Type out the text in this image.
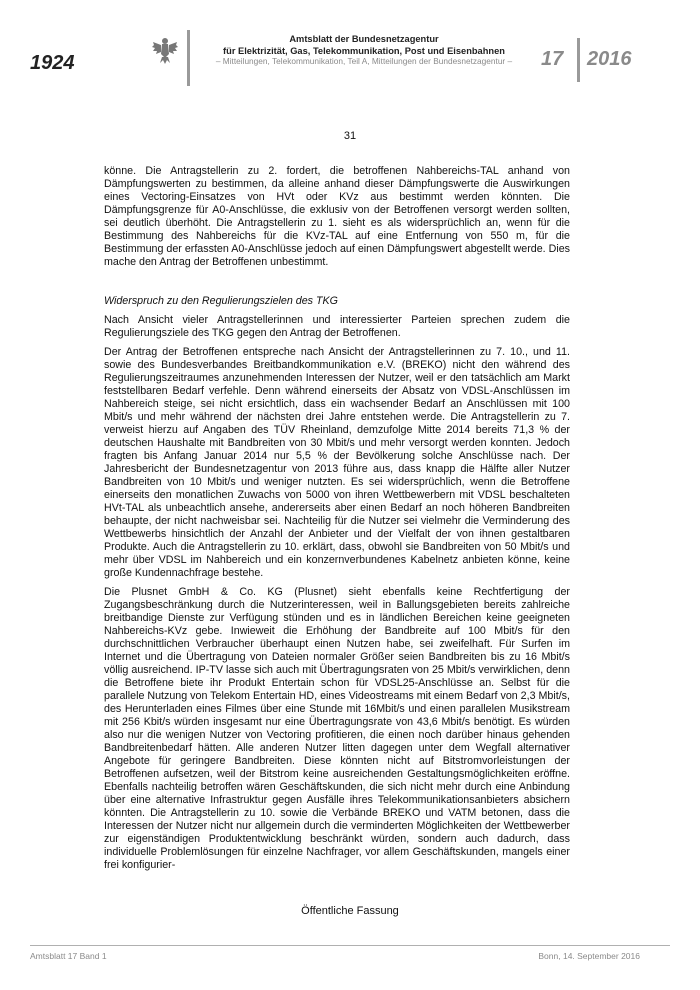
1924
Amtsblatt der Bundesnetzagentur
für Elektrizität, Gas, Telekommunikation, Post und Eisenbahnen
– Mitteilungen, Telekommunikation, Teil A, Mitteilungen der Bundesnetzagentur –	17 2016
31

könne. Die Antragstellerin zu 2. fordert, die betroffenen Nahbereichs-TAL anhand von Dämpfungswerten zu bestimmen, da alleine anhand dieser Dämpfungswerte die Auswirkungen eines Vectoring-Einsatzes von HVt oder KVz aus bestimmt werden könnten. Die Dämpfungsgrenze für A0-Anschlüsse, die exklusiv von der Betroffenen versorgt werden sollten, sei deutlich überhöht. Die Antragstellerin zu 1. sieht es als widersprüchlich an, wenn für die Bestimmung des Nahbereichs für die KVz-TAL auf eine Entfernung von 550 m, für die Bestimmung der erfassten A0-Anschlüsse jedoch auf einen Dämpfungswert abgestellt werde. Dies mache den Antrag der Betroffenen unbestimmt.

Widerspruch zu den Regulierungszielen des TKG

Nach Ansicht vieler Antragstellerinnen und interessierter Parteien sprechen zudem die Regulierungsziele des TKG gegen den Antrag der Betroffenen.

Der Antrag der Betroffenen entspreche nach Ansicht der Antragstellerinnen zu 7. 10., und 11. sowie des Bundesverbandes Breitbandkommunikation e.V. (BREKO) nicht den während des Regulierungszeitraumes anzunehmenden Interessen der Nutzer, weil er den tatsächlich am Markt feststellbaren Bedarf verfehle. Denn während einerseits der Absatz von VDSL-Anschlüssen im Nahbereich steige, sei nicht ersichtlich, dass ein wachsender Bedarf an Anschlüssen mit 100 Mbit/s und mehr während der nächsten drei Jahre entstehen werde. Die Antragstellerin zu 7. verweist hierzu auf Angaben des TÜV Rheinland, demzufolge Mitte 2014 bereits 71,3 % der deutschen Haushalte mit Bandbreiten von 30 Mbit/s und mehr versorgt werden konnten. Jedoch fragten bis Anfang Januar 2014 nur 5,5 % der Bevölkerung solche Anschlüsse nach. Der Jahresbericht der Bundesnetzagentur von 2013 führe aus, dass knapp die Hälfte aller Nutzer Bandbreiten von 10 Mbit/s und weniger nutzten. Es sei widersprüchlich, wenn die Betroffene einerseits den monatlichen Zuwachs von 5000 von ihren Wettbewerbern mit VDSL beschalteten HVt-TAL als unbeachtlich ansehe, andererseits aber einen Bedarf an noch höheren Bandbreiten behaupte, der nicht nachweisbar sei. Nachteilig für die Nutzer sei vielmehr die Verminderung des Wettbewerbs hinsichtlich der Anzahl der Anbieter und der Vielfalt der von ihnen gestaltbaren Produkte. Auch die Antragstellerin zu 10. erklärt, dass, obwohl sie Bandbreiten von 50 Mbit/s und mehr über VDSL im Nahbereich und ein konzernverbundenes Kabelnetz anbieten könne, keine große Kundennachfrage bestehe.

Die Plusnet GmbH & Co. KG (Plusnet) sieht ebenfalls keine Rechtfertigung der Zugangsbeschränkung durch die Nutzerinteressen, weil in Ballungsgebieten bereits zahlreiche breitbandige Dienste zur Verfügung stünden und es in ländlichen Bereichen keine geeigneten Nahbereichs-KVz gebe. Inwieweit die Erhöhung der Bandbreite auf 100 Mbit/s für den durchschnittlichen Verbraucher überhaupt einen Nutzen habe, sei zweifelhaft. Für Surfen im Internet und die Übertragung von Dateien normaler Größer seien Bandbreiten bis zu 16 Mbit/s völlig ausreichend. IP-TV lasse sich auch mit Übertragungsraten von 25 Mbit/s verwirklichen, denn die Betroffene biete ihr Produkt Entertain schon für VDSL25-Anschlüsse an. Selbst für die parallele Nutzung von Telekom Entertain HD, eines Videostreams mit einem Bedarf von 2,3 Mbit/s, des Herunterladen eines Filmes über eine Stunde mit 16Mbit/s und einen parallelen Musikstream mit 256 Kbit/s würden insgesamt nur eine Übertragungsrate von 43,6 Mbit/s benötigt. Es würden also nur die wenigen Nutzer von Vectoring profitieren, die einen noch darüber hinaus gehenden Bandbreitenbedarf hätten. Alle anderen Nutzer litten dagegen unter dem Wegfall alternativer Angebote für geringere Bandbreiten. Diese könnten nicht auf Bitstromvorleistungen der Betroffenen aufsetzen, weil der Bitstrom keine ausreichenden Gestaltungsmöglichkeiten eröffne. Ebenfalls nachteilig betroffen wären Geschäftskunden, die sich nicht mehr durch eine Anbindung über eine alternative Infrastruktur gegen Ausfälle ihres Telekommunikationsanbieters absichern könnten. Die Antragstellerin zu 10. sowie die Verbände BREKO und VATM betonen, dass die Interessen der Nutzer nicht nur allgemein durch die verminderten Möglichkeiten der Wettbewerber zur eigenständigen Produktentwicklung beschränkt würden, sondern auch dadurch, dass individuelle Problemlösungen für einzelne Nachfrager, vor allem Geschäftskunden, mangels einer frei konfigurier-

Öffentliche Fassung
Amtsblatt 17 Band 1	Bonn, 14. September 2016
